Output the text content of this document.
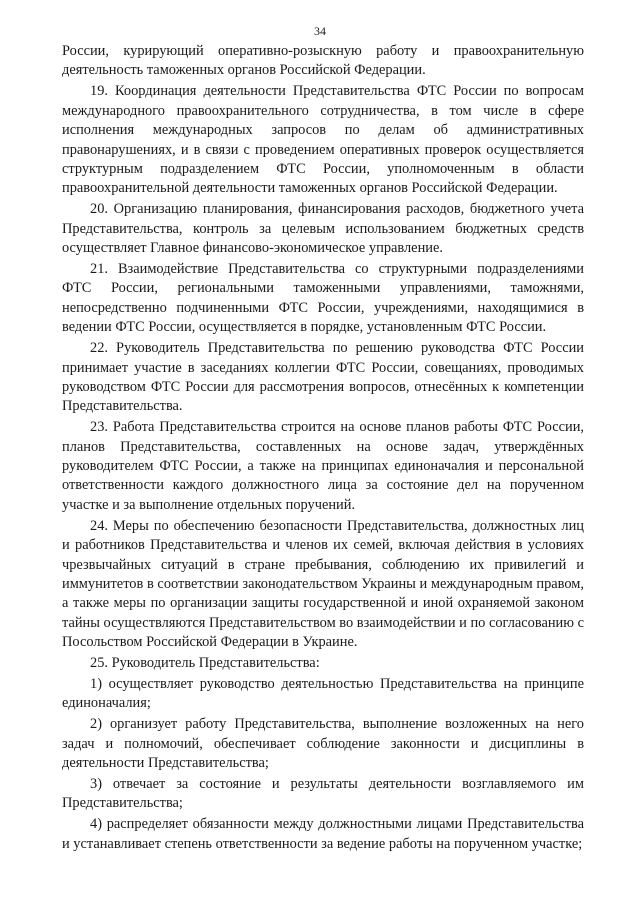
34

России, курирующий оперативно-розыскную работу и правоохранительную деятельность таможенных органов Российской Федерации.

19. Координация деятельности Представительства ФТС России по вопросам международного правоохранительного сотрудничества, в том числе в сфере исполнения международных запросов по делам об административных правонарушениях, и в связи с проведением оперативных проверок осуществляется структурным подразделением ФТС России, уполномоченным в области правоохранительной деятельности таможенных органов Российской Федерации.

20. Организацию планирования, финансирования расходов, бюджетного учета Представительства, контроль за целевым использованием бюджетных средств осуществляет Главное финансово-экономическое управление.

21. Взаимодействие Представительства со структурными подразделениями ФТС России, региональными таможенными управлениями, таможнями, непосредственно подчиненными ФТС России, учреждениями, находящимися в ведении ФТС России, осуществляется в порядке, установленным ФТС России.

22. Руководитель Представительства по решению руководства ФТС России принимает участие в заседаниях коллегии ФТС России, совещаниях, проводимых руководством ФТС России для рассмотрения вопросов, отнесённых к компетенции Представительства.

23. Работа Представительства строится на основе планов работы ФТС России, планов Представительства, составленных на основе задач, утверждённых руководителем ФТС России, а также на принципах единоначалия и персональной ответственности каждого должностного лица за состояние дел на порученном участке и за выполнение отдельных поручений.

24. Меры по обеспечению безопасности Представительства, должностных лиц и работников Представительства и членов их семей, включая действия в условиях чрезвычайных ситуаций в стране пребывания, соблюдению их привилегий и иммунитетов в соответствии законодательством Украины и международным правом, а также меры по организации защиты государственной и иной охраняемой законом тайны осуществляются Представительством во взаимодействии и по согласованию с Посольством Российской Федерации в Украине.

25. Руководитель Представительства:

1) осуществляет руководство деятельностью Представительства на принципе единоначалия;

2) организует работу Представительства, выполнение возложенных на него задач и полномочий, обеспечивает соблюдение законности и дисциплины в деятельности Представительства;

3) отвечает за состояние и результаты деятельности возглавляемого им Представительства;

4) распределяет обязанности между должностными лицами Представительства и устанавливает степень ответственности за ведение работы на порученном участке;
